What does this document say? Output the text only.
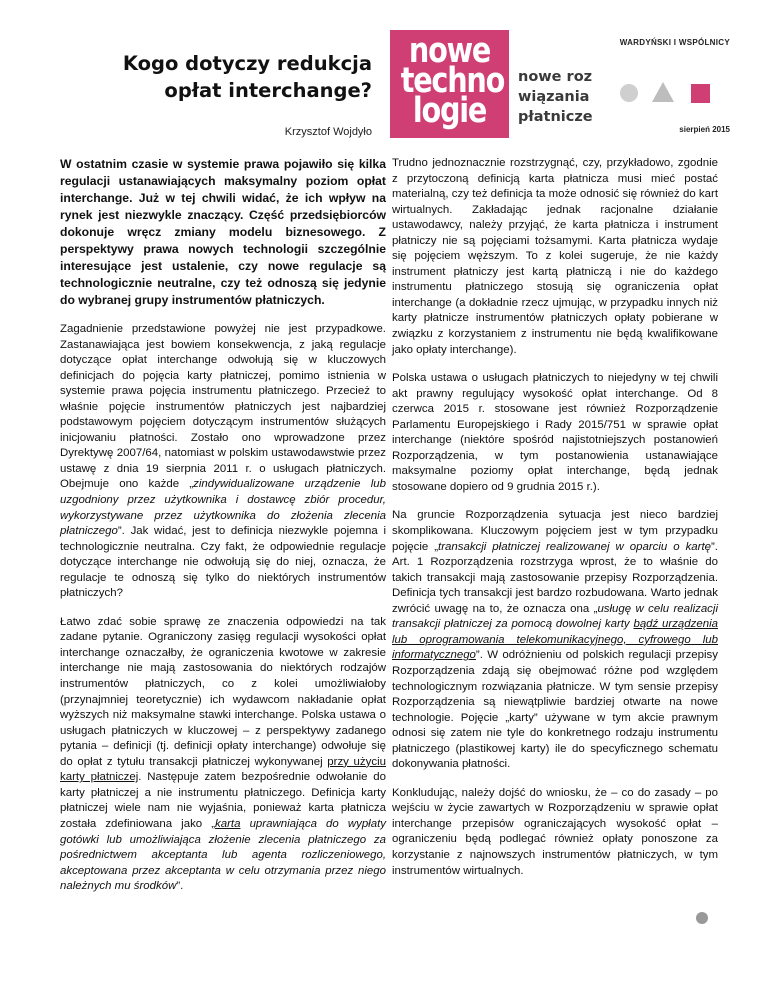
Kogo dotyczy redukcja
opłat interchange?
Krzysztof Wojdyło
nowe
techno
logie
nowe roz
wiązania
płatnicze
WARDYŃSKI I WSPÓLNICY
sierpień 2015

W ostatnim czasie w systemie prawa pojawiło się kilka regulacji ustanawiających maksymalny poziom opłat interchange. Już w tej chwili widać, że ich wpływ na rynek jest niezwykle znaczący. Część przedsiębiorców dokonuje wręcz zmiany modelu biznesowego. Z perspektywy prawa nowych technologii szczególnie interesujące jest ustalenie, czy nowe regulacje są technologicznie neutralne, czy też odnoszą się jedynie do wybranej grupy instrumentów płatniczych.

Zagadnienie przedstawione powyżej nie jest przypadkowe. Zastanawiająca jest bowiem konsekwencja, z jaką regulacje dotyczące opłat interchange odwołują się w kluczowych definicjach do pojęcia karty płatniczej, pomimo istnienia w systemie prawa pojęcia instrumentu płatniczego. Przecież to właśnie pojęcie instrumentów płatniczych jest najbardziej podstawowym pojęciem dotyczącym instrumentów służących inicjowaniu płatności. Zostało ono wprowadzone przez Dyrektywę 2007/64, natomiast w polskim ustawodawstwie przez ustawę z dnia 19 sierpnia 2011 r. o usługach płatniczych. Obejmuje ono każde „zindywidualizowane urządzenie lub uzgodniony przez użytkownika i dostawcę zbiór procedur, wykorzystywane przez użytkownika do złożenia zlecenia płatniczego”. Jak widać, jest to definicja niezwykle pojemna i technologicznie neutralna. Czy fakt, że odpowiednie regulacje dotyczące interchange nie odwołują się do niej, oznacza, że regulacje te odnoszą się tylko do niektórych instrumentów płatniczych?

Łatwo zdać sobie sprawę ze znaczenia odpowiedzi na tak zadane pytanie. Ograniczony zasięg regulacji wysokości opłat interchange oznaczałby, że ograniczenia kwotowe w zakresie interchange nie mają zastosowania do niektórych rodzajów instrumentów płatniczych, co z kolei umożliwiałoby (przynajmniej teoretycznie) ich wydawcom nakładanie opłat wyższych niż maksymalne stawki interchange. Polska ustawa o usługach płatniczych w kluczowej – z perspektywy zadanego pytania – definicji (tj. definicji opłaty interchange) odwołuje się do opłat z tytułu transakcji płatniczej wykonywanej przy użyciu karty płatniczej. Następuje zatem bezpośrednie odwołanie do karty płatniczej a nie instrumentu płatniczego. Definicja karty płatniczej wiele nam nie wyjaśnia, ponieważ karta płatnicza została zdefiniowana jako „karta uprawniająca do wypłaty gotówki lub umożliwiająca złożenie zlecenia płatniczego za pośrednictwem akceptanta lub agenta rozliczeniowego, akceptowana przez akceptanta w celu otrzymania przez niego należnych mu środków”.

Trudno jednoznacznie rozstrzygnąć, czy, przykładowo, zgodnie z przytoczoną definicją karta płatnicza musi mieć postać materialną, czy też definicja ta może odnosić się również do kart wirtualnych. Zakładając jednak racjonalne działanie ustawodawcy, należy przyjąć, że karta płatnicza i instrument płatniczy nie są pojęciami tożsamymi. Karta płatnicza wydaje się pojęciem węższym. To z kolei sugeruje, że nie każdy instrument płatniczy jest kartą płatniczą i nie do każdego instrumentu płatniczego stosują się ograniczenia opłat interchange (a dokładnie rzecz ujmując, w przypadku innych niż karty płatnicze instrumentów płatniczych opłaty pobierane w związku z korzystaniem z instrumentu nie będą kwalifikowane jako opłaty interchange).

Polska ustawa o usługach płatniczych to niejedyny w tej chwili akt prawny regulujący wysokość opłat interchange. Od 8 czerwca 2015 r. stosowane jest również Rozporządzenie Parlamentu Europejskiego i Rady 2015/751 w sprawie opłat interchange (niektóre spośród najistotniejszych postanowień Rozporządzenia, w tym postanowienia ustanawiające maksymalne poziomy opłat interchange, będą jednak stosowane dopiero od 9 grudnia 2015 r.).

Na gruncie Rozporządzenia sytuacja jest nieco bardziej skomplikowana. Kluczowym pojęciem jest w tym przypadku pojęcie „transakcji płatniczej realizowanej w oparciu o kartę”. Art. 1 Rozporządzenia rozstrzyga wprost, że to właśnie do takich transakcji mają zastosowanie przepisy Rozporządzenia. Definicja tych transakcji jest bardzo rozbudowana. Warto jednak zwrócić uwagę na to, że oznacza ona „usługę w celu realizacji transakcji płatniczej za pomocą dowolnej karty bądź urządzenia lub oprogramowania telekomunikacyjnego, cyfrowego lub informatycznego”. W odróżnieniu od polskich regulacji przepisy Rozporządzenia zdają się obejmować różne pod względem technologicznym rozwiązania płatnicze. W tym sensie przepisy Rozporządzenia są niewątpliwie bardziej otwarte na nowe technologie. Pojęcie „karty” używane w tym akcie prawnym odnosi się zatem nie tyle do konkretnego rodzaju instrumentu płatniczego (plastikowej karty) ile do specyficznego schematu dokonywania płatności.

Konkludując, należy dojść do wniosku, że – co do zasady – po wejściu w życie zawartych w Rozporządzeniu w sprawie opłat interchange przepisów ograniczających wysokość opłat – ograniczeniu będą podlegać również opłaty ponoszone za korzystanie z najnowszych instrumentów płatniczych, w tym instrumentów wirtualnych.
